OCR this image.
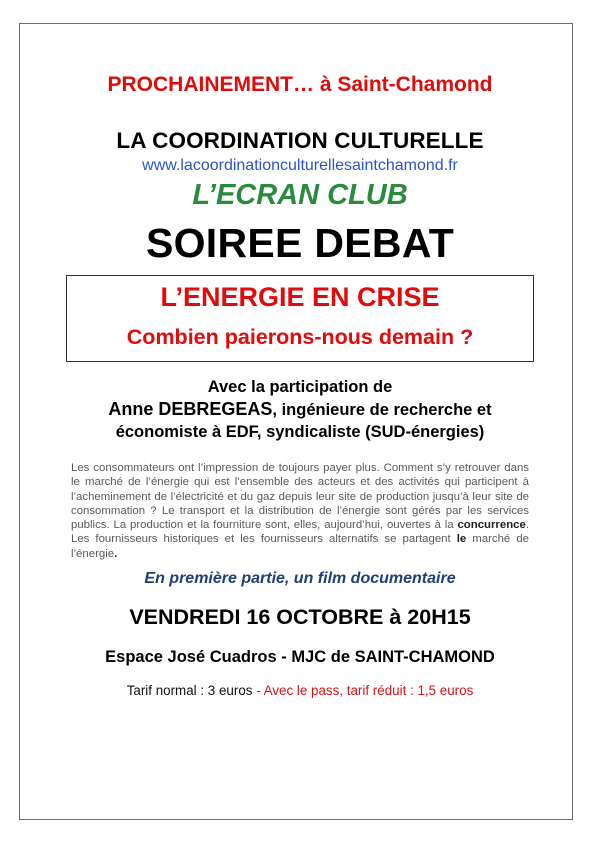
PROCHAINEMENT… à Saint-Chamond
LA COORDINATION CULTURELLE
www.lacoordinationculturellesaintchamond.fr
L’ECRAN CLUB
SOIREE DEBAT
L’ENERGIE EN CRISE
Combien paierons-nous demain ?
Avec la participation de
Anne DEBREGEAS, ingénieure de recherche et
économiste à EDF, syndicaliste (SUD-énergies)
Les consommateurs ont l’impression de toujours payer plus. Comment s’y retrouver dans le marché de l’énergie qui est l’ensemble des acteurs et des activités qui participent à l’acheminement de l’électricité et du gaz depuis leur site de production jusqu’à leur site de consommation ? Le transport et la distribution de l’énergie sont gérés par les services publics. La production et la fourniture sont, elles, aujourd’hui, ouvertes à la concurrence. Les fournisseurs historiques et les fournisseurs alternatifs se partagent le marché de l’énergie.
En première partie, un film documentaire
VENDREDI 16 OCTOBRE à 20H15
Espace José Cuadros - MJC de SAINT-CHAMOND
Tarif normal : 3 euros - Avec le pass, tarif réduit : 1,5 euros
